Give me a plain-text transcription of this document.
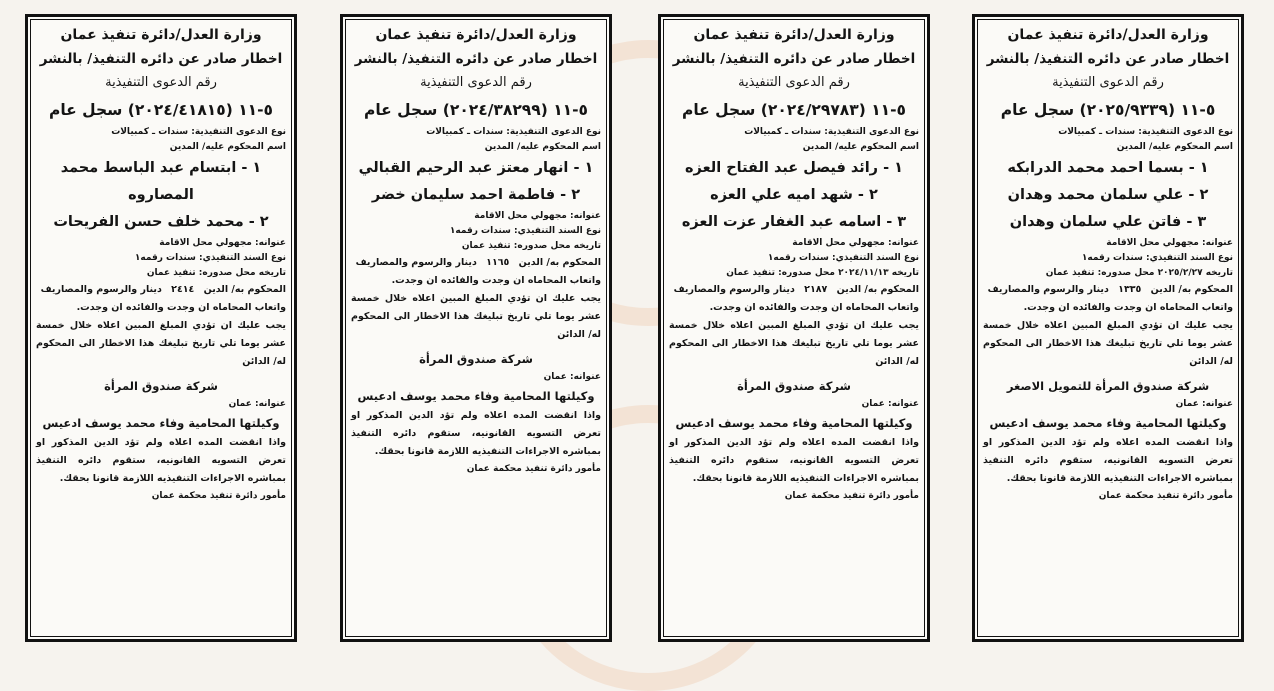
وزارة العدل/دائرة تنفيذ عمان
اخطار صادر عن دائره التنفيذ/ بالنشر
رقم الدعوى التنفيذية
٥-١١ (٢٠٢٥/٩٣٣٩) سجل عام
نوع الدعوى التنفيذية: سندات ـ كمبيالات
اسم المحكوم عليه/ المدين
١ - بسما احمد محمد الدرابكه
٢ - علي سلمان محمد وهدان
٣ - فاتن علي سلمان وهدان
عنوانه: مجهولي محل الاقامة
نوع السند التنفيذي: سندات رقمه١
تاريخه ٢٠٢٥/٢/٢٧ محل صدوره: تنفيذ عمان
المحكوم به/ الدين ١٣٣٥ دينار والرسوم والمصاريف
واتعاب المحاماه ان وجدت والفائده ان وجدت.
يجب عليك ان تؤدي المبلغ المبين اعلاه خلال خمسة عشر يوما تلي تاريخ تبليغك هذا الاخطار الى المحكوم له/ الدائن
شركة صندوق المرأة للتمويل الاصغر
عنوانه: عمان
وكيلتها المحامية وفاء محمد يوسف ادعيس
واذا انقضت المده اعلاه ولم تؤد الدين المذكور او تعرض التسويه القانونيه، ستقوم دائره التنفيذ بمباشره الاجراءات التنفيذيه اللازمة قانونا بحقك.
مأمور دائرة تنفيذ محكمة عمان
وزارة العدل/دائرة تنفيذ عمان
اخطار صادر عن دائره التنفيذ/ بالنشر
رقم الدعوى التنفيذية
٥-١١ (٢٠٢٤/٢٩٧٨٣) سجل عام
نوع الدعوى التنفيذية: سندات ـ كمبيالات
اسم المحكوم عليه/ المدين
١ - رائد فيصل عبد الفتاح العزه
٢ - شهد اميه علي العزه
٣ - اسامه عبد الغفار عزت العزه
عنوانه: مجهولي محل الاقامة
نوع السند التنفيذي: سندات رقمه١
تاريخه ٢٠٢٤/١١/١٣ محل صدوره: تنفيذ عمان
المحكوم به/ الدين ٢١٨٧ دينار والرسوم والمصاريف
واتعاب المحاماه ان وجدت والفائده ان وجدت.
يجب عليك ان تؤدي المبلغ المبين اعلاه خلال خمسة عشر يوما تلي تاريخ تبليغك هذا الاخطار الى المحكوم له/ الدائن
شركة صندوق المرأة
عنوانه: عمان
وكيلتها المحامية وفاء محمد يوسف ادعيس
واذا انقضت المده اعلاه ولم تؤد الدين المذكور او تعرض التسويه القانونيه، ستقوم دائره التنفيذ بمباشره الاجراءات التنفيذيه اللازمة قانونا بحقك.
مأمور دائرة تنفيذ محكمة عمان
وزارة العدل/دائرة تنفيذ عمان
اخطار صادر عن دائره التنفيذ/ بالنشر
رقم الدعوى التنفيذية
٥-١١ (٢٠٢٤/٣٨٢٩٩) سجل عام
نوع الدعوى التنفيذية: سندات ـ كمبيالات
اسم المحكوم عليه/ المدين
١ - انهار معتز عبد الرحيم القبالي
٢ - فاطمة احمد سليمان خضر
عنوانه: مجهولي محل الاقامة
نوع السند التنفيذي: سندات رقمه١
تاريخه محل صدوره: تنفيذ عمان
المحكوم به/ الدين ١١٦٥ دينار والرسوم والمصاريف
واتعاب المحاماه ان وجدت والفائده ان وجدت.
يجب عليك ان تؤدي المبلغ المبين اعلاه خلال خمسة عشر يوما تلي تاريخ تبليغك هذا الاخطار الى المحكوم له/ الدائن
شركة صندوق المرأة
عنوانه: عمان
وكيلتها المحامية وفاء محمد يوسف ادعيس
واذا انقضت المده اعلاه ولم تؤد الدين المذكور او تعرض التسويه القانونيه، ستقوم دائره التنفيذ بمباشره الاجراءات التنفيذيه اللازمة قانونا بحقك.
مأمور دائرة تنفيذ محكمة عمان
وزارة العدل/دائرة تنفيذ عمان
اخطار صادر عن دائره التنفيذ/ بالنشر
رقم الدعوى التنفيذية
٥-١١ (٢٠٢٤/٤١٨١٥) سجل عام
نوع الدعوى التنفيذية: سندات ـ كمبيالات
اسم المحكوم عليه/ المدين
١ - ابتسام عبد الباسط محمد المصاروه
٢ - محمد خلف حسن الفريحات
عنوانه: مجهولي محل الاقامة
نوع السند التنفيذي: سندات رقمه١
تاريخه محل صدوره: تنفيذ عمان
المحكوم به/ الدين ٢٤١٤ دينار والرسوم والمصاريف
واتعاب المحاماه ان وجدت والفائده ان وجدت.
يجب عليك ان تؤدي المبلغ المبين اعلاه خلال خمسة عشر يوما تلي تاريخ تبليغك هذا الاخطار الى المحكوم له/ الدائن
شركة صندوق المرأة
عنوانه: عمان
وكيلتها المحامية وفاء محمد يوسف ادعيس
واذا انقضت المده اعلاه ولم تؤد الدين المذكور او تعرض التسويه القانونيه، ستقوم دائره التنفيذ بمباشره الاجراءات التنفيذيه اللازمة قانونا بحقك.
مأمور دائرة تنفيذ محكمة عمان
